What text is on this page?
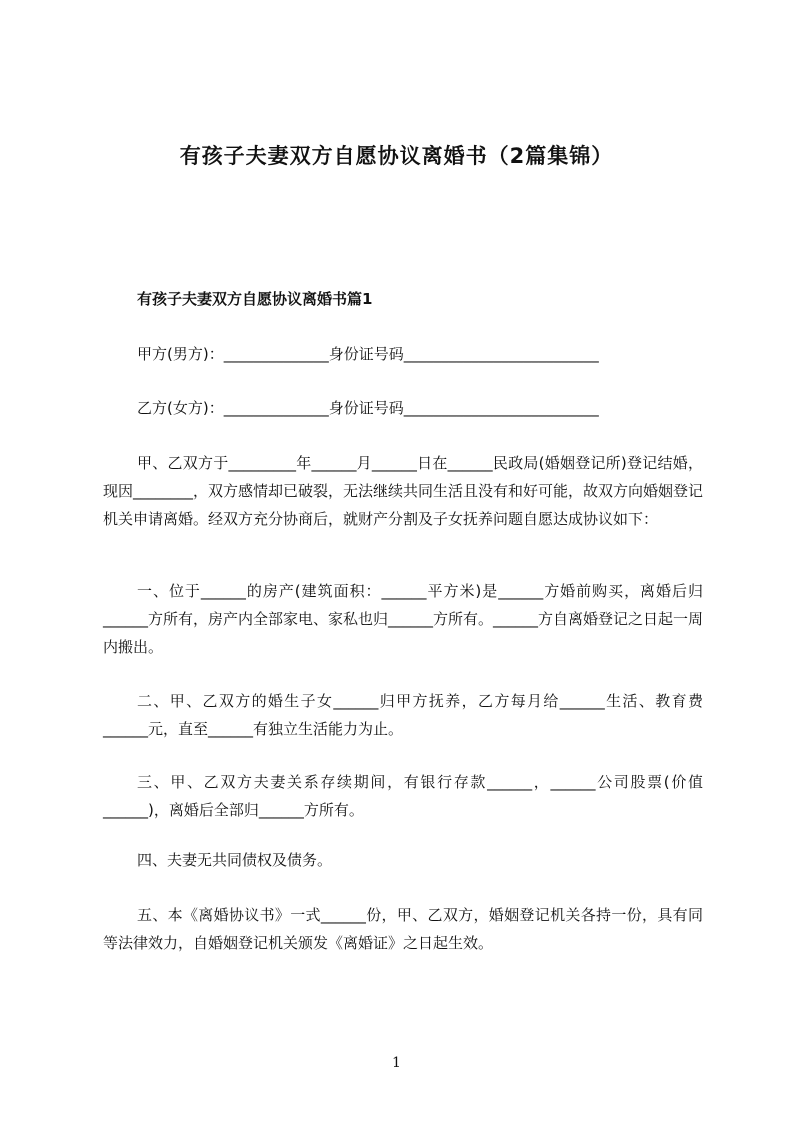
有孩子夫妻双方自愿协议离婚书（2篇集锦）
有孩子夫妻双方自愿协议离婚书篇1
甲方(男方)：______________身份证号码__________________________
乙方(女方)：______________身份证号码__________________________
甲、乙双方于_________年______月______日在______民政局(婚姻登记所)登记结婚，现因________，双方感情却已破裂，无法继续共同生活且没有和好可能，故双方向婚姻登记机关申请离婚。经双方充分协商后，就财产分割及子女抚养问题自愿达成协议如下：
一、位于______的房产(建筑面积：______平方米)是______方婚前购买，离婚后归______方所有，房产内全部家电、家私也归______方所有。______方自离婚登记之日起一周内搬出。
二、甲、乙双方的婚生子女______归甲方抚养，乙方每月给______生活、教育费______元，直至______有独立生活能力为止。
三、甲、乙双方夫妻关系存续期间，有银行存款______，______公司股票(价值______)，离婚后全部归______方所有。
四、夫妻无共同债权及债务。
五、本《离婚协议书》一式______份，甲、乙双方，婚姻登记机关各持一份，具有同等法律效力，自婚姻登记机关颁发《离婚证》之日起生效。
1
